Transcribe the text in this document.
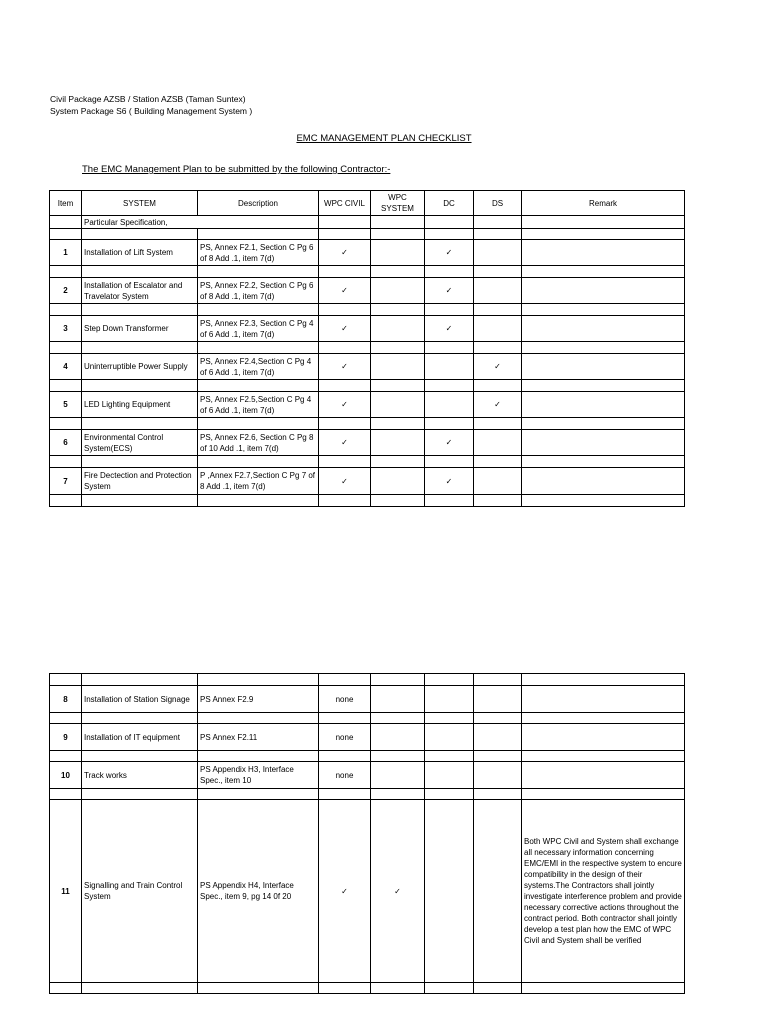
Civil Package AZSB / Station AZSB (Taman Suntex)
System Package S6 ( Building Management System )
EMC MANAGEMENT PLAN CHECKLIST
The EMC Management Plan to be submitted by the following Contractor:-
Item	SYSTEM	Description	WPC CIVIL	WPC SYSTEM	DC	DS	Remark
	Particular Specification,						

1	Installation of Lift System	PS, Annex F2.1, Section C Pg 6 of 8 Add .1, item 7(d)	✓		✓		

2	Installation of Escalator and Travelator System	PS, Annex F2.2, Section C Pg 6 of 8 Add .1, item 7(d)	✓		✓		

3	Step Down Transformer	PS, Annex F2.3, Section C Pg 4 of 6 Add .1, item 7(d)	✓		✓		

4	Uninterruptible Power Supply	PS, Annex F2.4,Section C Pg 4 of 6 Add .1, item 7(d)	✓			✓	

5	LED Lighting Equipment	PS, Annex F2.5,Section C Pg 4 of 6 Add .1, item 7(d)	✓			✓	

6	Environmental Control System(ECS)	PS, Annex F2.6, Section C Pg 8 of 10 Add .1, item 7(d)	✓		✓		

7	Fire Dectection and Protection System	P ,Annex F2.7,Section C Pg 7 of 8 Add .1, item 7(d)	✓		✓		

8	Installation of Station Signage	PS Annex F2.9	none				

9	Installation of IT equipment	PS Annex F2.11	none				

10	Track works	PS Appendix H3, Interface Spec., item 10	none				

11	Signalling and Train Control System	PS Appendix H4, Interface Spec., item 9, pg 14 0f 20	✓	✓			Both WPC Civil and System shall exchange all necessary information concerning EMC/EMI in the respective system to encure compatibility in the design of their systems.The Contractors shall jointly investigate interference problem and provide necessary corrective actions throughout the contract period. Both contractor shall jointly develop a test plan how the EMC of WPC Civil and System shall be verified
